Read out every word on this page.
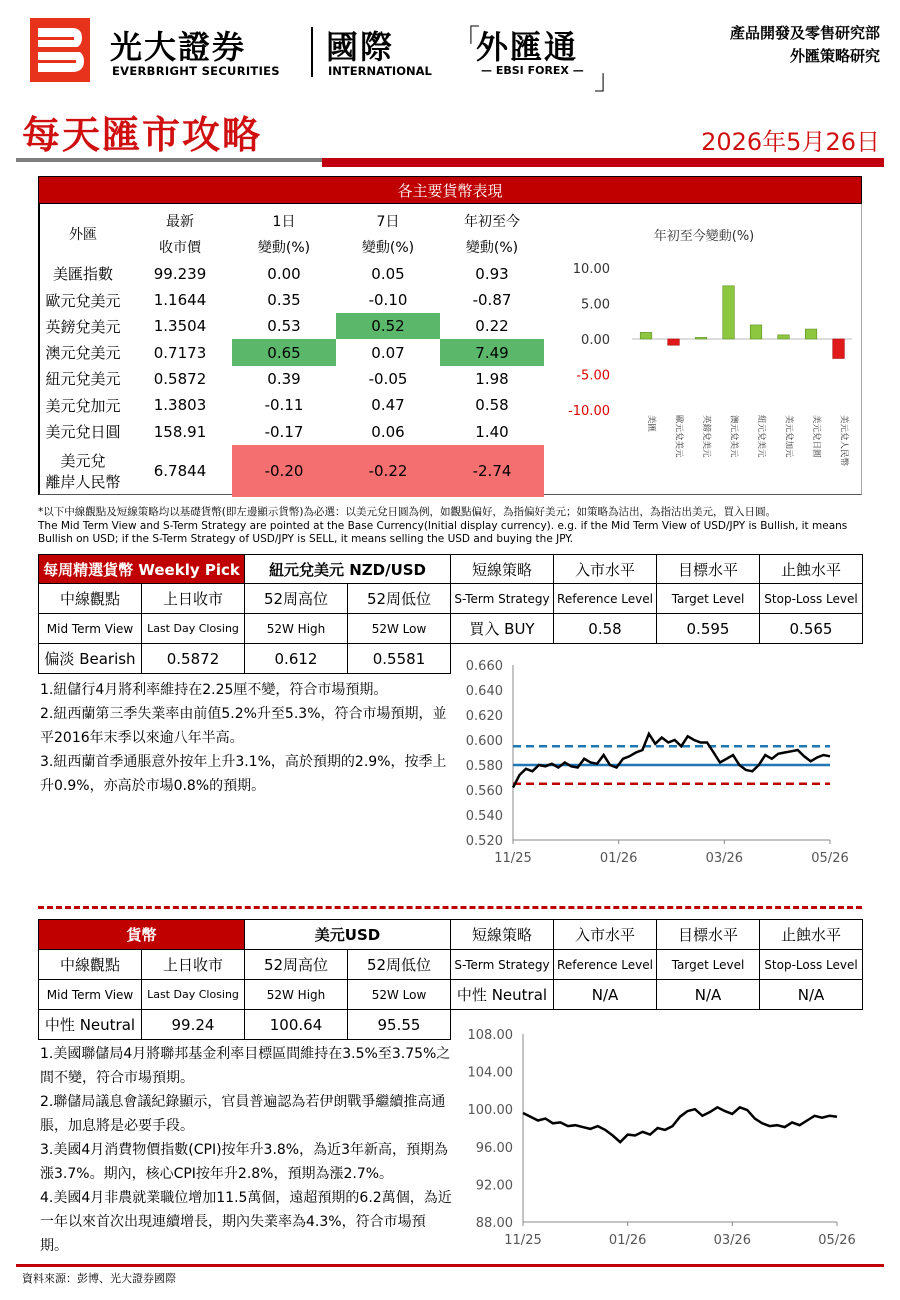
光大證券
EVERBRIGHT SECURITIES
國際
INTERNATIONAL
「
外匯通
— EBSI FOREX — 」
產品開發及零售研究部
外匯策略研究
每天匯市攻略	2026年5月26日
各主要貨幣表現
外匯	最新	1日	7日	年初至今
	收市價	變動(%)	變動(%)	變動(%)
美匯指數	99.239	0.00	0.05	0.93
歐元兌美元	1.1644	0.35	-0.10	-0.87
英鎊兌美元	1.3504	0.53	0.52	0.22
澳元兌美元	0.7173	0.65	0.07	7.49
紐元兌美元	0.5872	0.39	-0.05	1.98
美元兌加元	1.3803	-0.11	0.47	0.58
美元兌日圓	158.91	-0.17	0.06	1.40

美元兌
離岸人民幣	6.7844	-0.20	-0.22	-2.74
年初至今變動(%)
10.00
5.00
0.00
-5.00
-10.00
美匯 歐元兌美元 英鎊兌美元 澳元兌美元 紐元兌美元 美元兌加元 美元兌日圓 美元兌人民幣
*以下中線觀點及短線策略均以基礎貨幣(即左邊顯示貨幣)為必選：以美元兌日圓為例，如觀點偏好，為指偏好美元；如策略為沽出，為指沽出美元，買入日圓。
The Mid Term View and S-Term Strategy are pointed at the Base Currency(Initial display currency). e.g. if the Mid Term View of USD/JPY is Bullish, it means Bullish on USD; if the S-Term Strategy of USD/JPY is SELL, it means selling the USD and buying the JPY.
每周精選貨幣 Weekly Pick		紐元兌美元 NZD/USD		短線策略	入市水平	目標水平	止蝕水平
中線觀點	上日收市	52周高位	52周低位	S-Term Strategy	Reference Level	Target Level	Stop-Loss Level
Mid Term View	Last Day Closing	52W High	52W Low	買入 BUY	0.58	0.595	0.565
偏淡 Bearish	0.5872	0.612	0.5581				
1.紐儲行4月將利率維持在2.25厘不變，符合市場預期。
2.紐西蘭第三季失業率由前值5.2%升至5.3%，符合市場預期，並平2016年末季以來逾八年半高。
3.紐西蘭首季通脹意外按年上升3.1%，高於預期的2.9%，按季上升0.9%，亦高於市場0.8%的預期。
0.660
0.640
0.620
0.600
0.580
0.560
0.540
0.520
11/25	01/26	03/26	05/26
貨幣		美元USD		短線策略	入市水平	目標水平	止蝕水平
中線觀點	上日收市	52周高位	52周低位	S-Term Strategy	Reference Level	Target Level	Stop-Loss Level
Mid Term View	Last Day Closing	52W High	52W Low	中性 Neutral	N/A	N/A	N/A
中性 Neutral	99.24	100.64	95.55				
1.美國聯儲局4月將聯邦基金利率目標區間維持在3.5%至3.75%之間不變，符合市場預期。
2.聯儲局議息會議紀錄顯示，官員普遍認為若伊朗戰爭繼續推高通脹，加息將是必要手段。
3.美國4月消費物價指數(CPI)按年升3.8%，為近3年新高，預期為漲3.7%。期內，核心CPI按年升2.8%，預期為漲2.7%。
4.美國4月非農就業職位增加11.5萬個，遠超預期的6.2萬個，為近一年以來首次出現連續增長，期內失業率為4.3%，符合市場預期。
108.00
104.00
100.00
96.00
92.00
88.00
11/25	01/26	03/26	05/26
資料來源：彭博、光大證券國際
